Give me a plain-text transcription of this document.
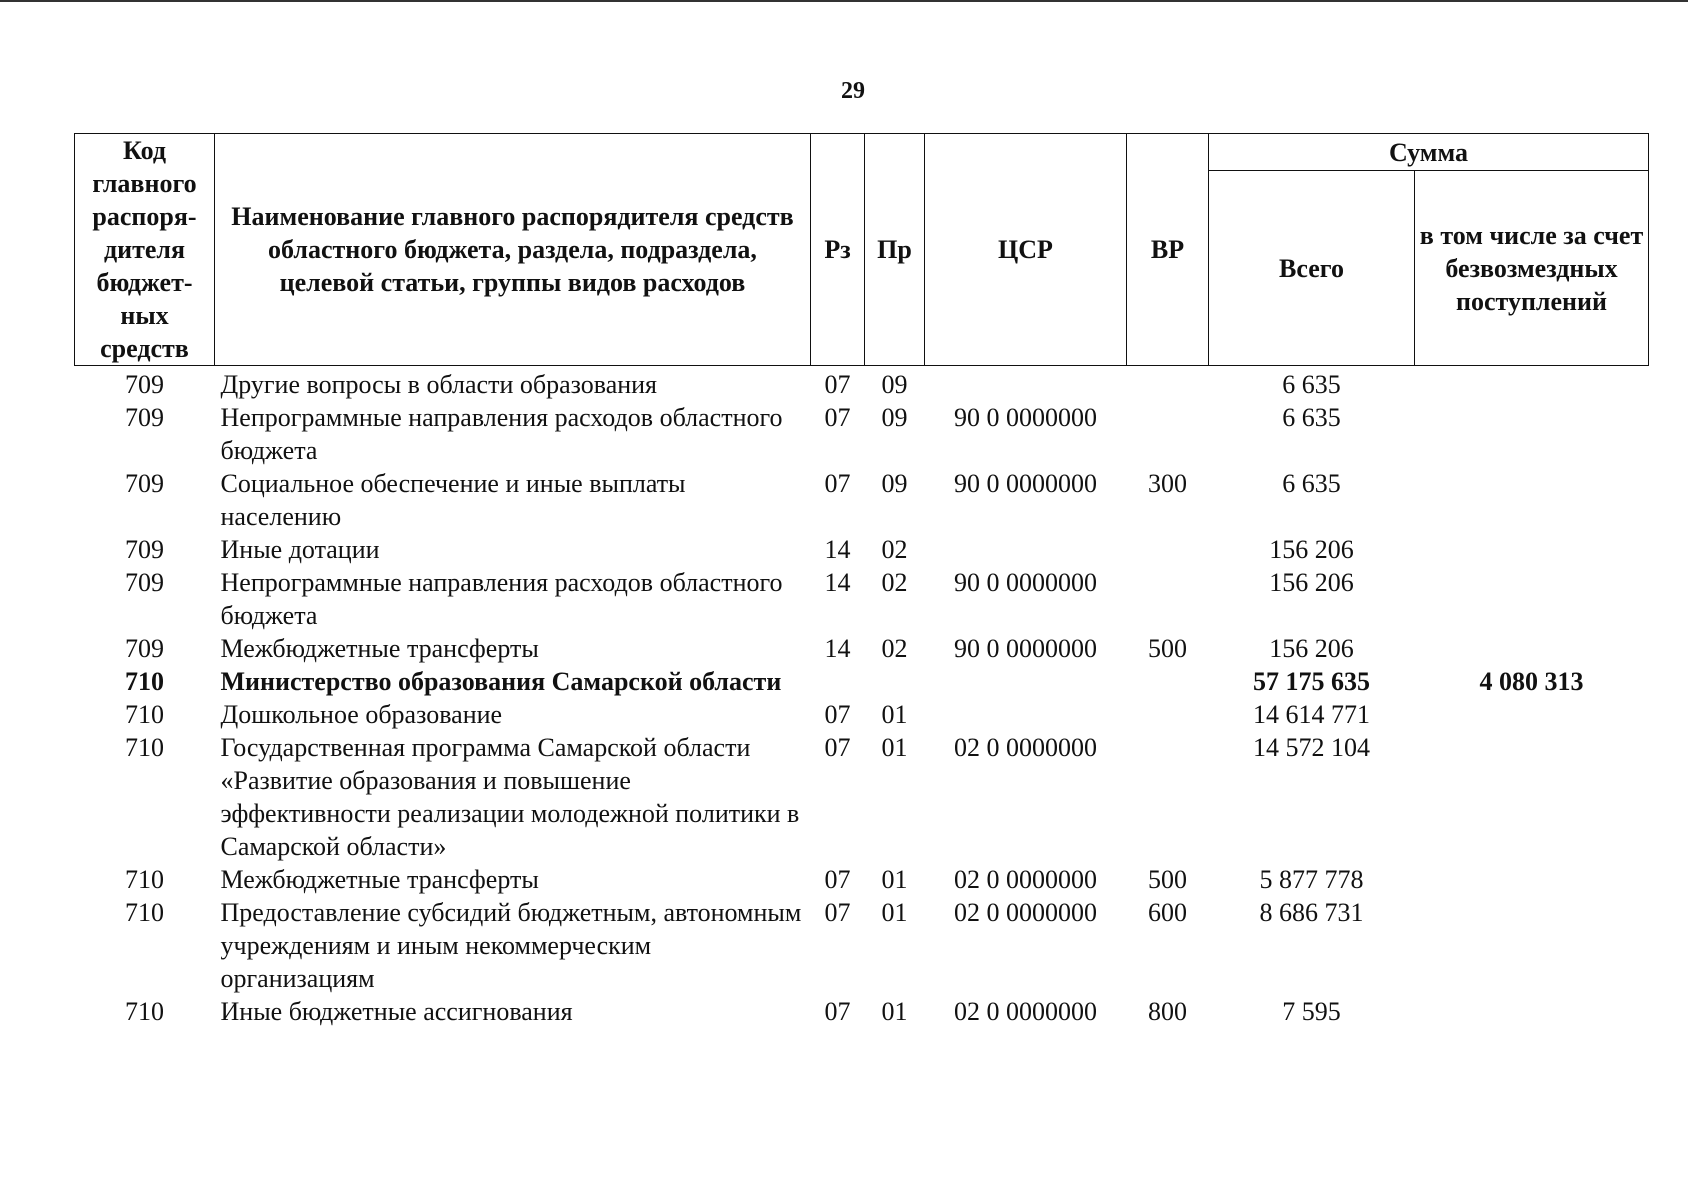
29
Код главного распоря-дителя бюджет-ных средств	Наименование главного распорядителя средств областного бюджета, раздела, подраздела, целевой статьи, группы видов расходов	Рз	Пр	ЦСР	ВР	Сумма	
						Всего	в том числе за счет безвозмездных поступлений
709	Другие вопросы в области образования	07	09			6 635	
709	Непрограммные направления расходов областного бюджета	07	09	90 0 0000000		6 635	
709	Социальное обеспечение и иные выплаты населению	07	09	90 0 0000000	300	6 635	
709	Иные дотации	14	02			156 206	
709	Непрограммные направления расходов областного бюджета	14	02	90 0 0000000		156 206	
709	Межбюджетные трансферты	14	02	90 0 0000000	500	156 206	
710	Министерство образования Самарской области					57 175 635	4 080 313
710	Дошкольное образование	07	01			14 614 771	
710	Государственная программа Самарской области «Развитие образования и повышение эффективности реализации молодежной политики в Самарской области»	07	01	02 0 0000000		14 572 104	
710	Межбюджетные трансферты	07	01	02 0 0000000	500	5 877 778	
710	Предоставление субсидий бюджетным, автономным учреждениям и иным некоммерческим организациям	07	01	02 0 0000000	600	8 686 731	
710	Иные бюджетные ассигнования	07	01	02 0 0000000	800	7 595	
